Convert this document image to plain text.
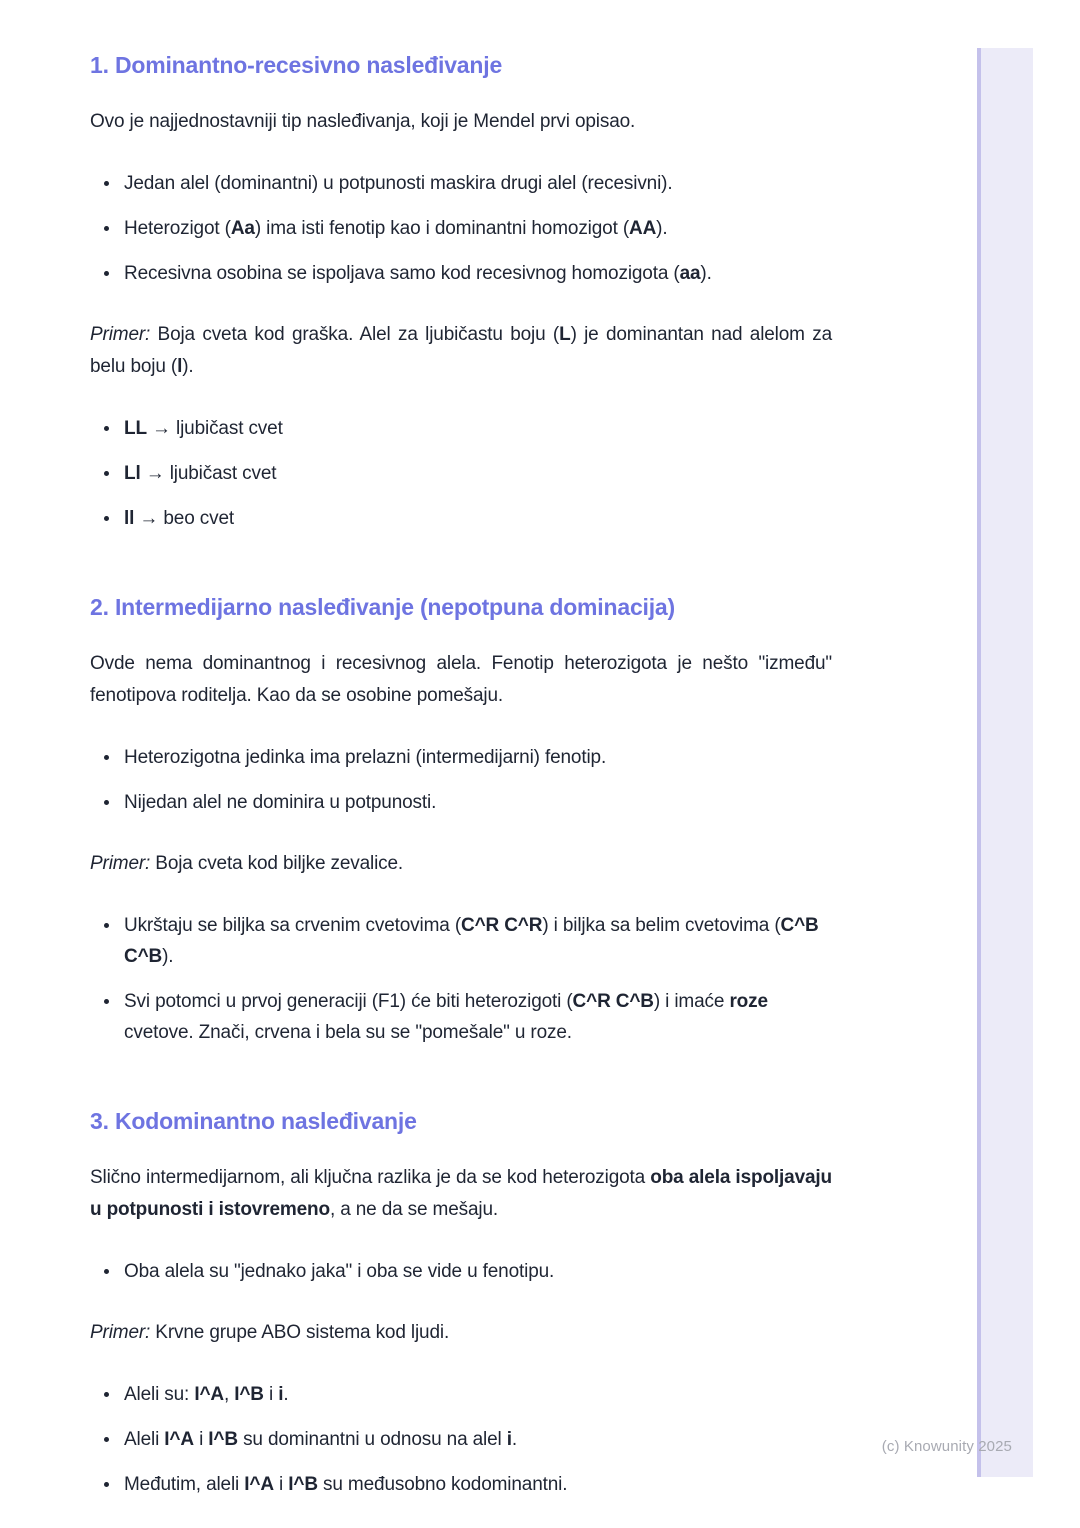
1. Dominantno-recesivno nasleđivanje

Ovo je najjednostavniji tip nasleđivanja, koji je Mendel prvi opisao.

Jedan alel (dominantni) u potpunosti maskira drugi alel (recesivni).
Heterozigot (Aa) ima isti fenotip kao i dominantni homozigot (AA).
Recesivna osobina se ispoljava samo kod recesivnog homozigota (aa).

Primer: Boja cveta kod graška. Alel za ljubičastu boju (L) je dominantan nad alelom za belu boju (l).

LL → ljubičast cvet
Ll → ljubičast cvet
ll → beo cvet
2. Intermedijarno nasleđivanje (nepotpuna dominacija)

Ovde nema dominantnog i recesivnog alela. Fenotip heterozigota je nešto "između" fenotipova roditelja. Kao da se osobine pomešaju.

Heterozigotna jedinka ima prelazni (intermedijarni) fenotip.
Nijedan alel ne dominira u potpunosti.

Primer: Boja cveta kod biljke zevalice.

Ukrštaju se biljka sa crvenim cvetovima (C^R C^R) i biljka sa belim cvetovima (C^B C^B).
Svi potomci u prvoj generaciji (F1) će biti heterozigoti (C^R C^B) i imaće roze cvetove. Znači, crvena i bela su se "pomešale" u roze.
3. Kodominantno nasleđivanje

Slično intermedijarnom, ali ključna razlika je da se kod heterozigota oba alela ispoljavaju u potpunosti i istovremeno, a ne da se mešaju.

Oba alela su "jednako jaka" i oba se vide u fenotipu.

Primer: Krvne grupe ABO sistema kod ljudi.

Aleli su: I^A, I^B i i.
Aleli I^A i I^B su dominantni u odnosu na alel i.
Međutim, aleli I^A i I^B su međusobno kodominantni.
(c) Knowunity 2025
